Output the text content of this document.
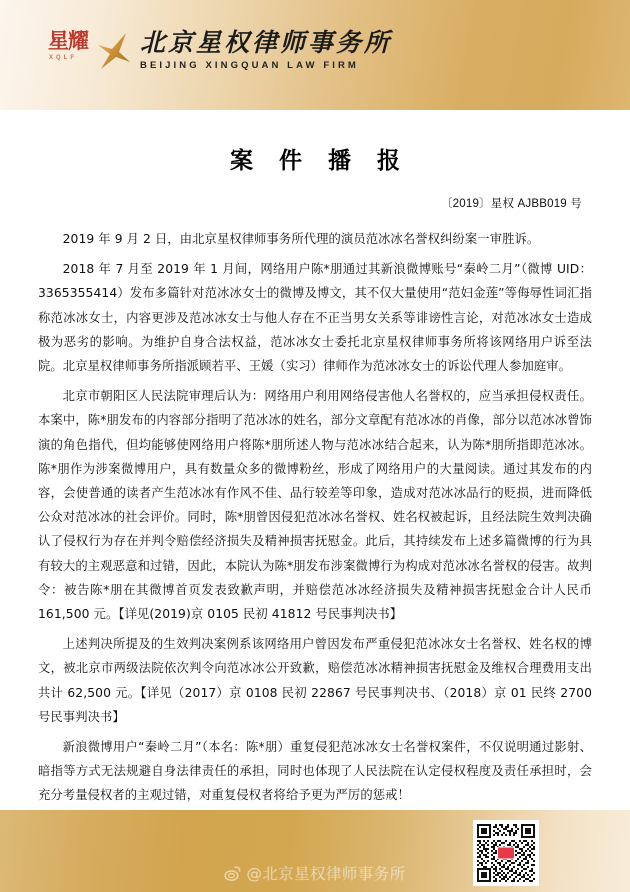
星耀
XQLF
北京星权律师事务所
BEIJING XINGQUAN LAW FIRM
案 件 播 报
〔2019〕星权 AJBB019 号

2019 年 9 月 2 日，由北京星权律师事务所代理的演员范冰冰名誉权纠纷案一审胜诉。

2018 年 7 月至 2019 年 1 月间，网络用户陈*朋通过其新浪微博账号“秦岭二月”（微博 UID：3365355414）发布多篇针对范冰冰女士的微博及博文，其不仅大量使用“范妇金莲”等侮辱性词汇指称范冰冰女士，内容更涉及范冰冰女士与他人存在不正当男女关系等诽谤性言论，对范冰冰女士造成极为恶劣的影响。为维护自身合法权益，范冰冰女士委托北京星权律师事务所将该网络用户诉至法院。北京星权律师事务所指派顾若平、王媛（实习）律师作为范冰冰女士的诉讼代理人参加庭审。

北京市朝阳区人民法院审理后认为：网络用户利用网络侵害他人名誉权的，应当承担侵权责任。本案中，陈*朋发布的内容部分指明了范冰冰的姓名，部分文章配有范冰冰的肖像，部分以范冰冰曾饰演的角色指代，但均能够使网络用户将陈*朋所述人物与范冰冰结合起来，认为陈*朋所指即范冰冰。陈*朋作为涉案微博用户，具有数量众多的微博粉丝，形成了网络用户的大量阅读。通过其发布的内容，会使普通的读者产生范冰冰有作风不佳、品行较差等印象，造成对范冰冰品行的贬损，进而降低公众对范冰冰的社会评价。同时，陈*朋曾因侵犯范冰冰名誉权、姓名权被起诉，且经法院生效判决确认了侵权行为存在并判令赔偿经济损失及精神损害抚慰金。此后，其持续发布上述多篇微博的行为具有较大的主观恶意和过错，因此，本院认为陈*朋发布涉案微博行为构成对范冰冰名誉权的侵害。故判令：被告陈*朋在其微博首页发表致歉声明，并赔偿范冰冰经济损失及精神损害抚慰金合计人民币 161,500 元。【详见(2019)京 0105 民初 41812 号民事判决书】

上述判决所提及的生效判决案例系该网络用户曾因发布严重侵犯范冰冰女士名誉权、姓名权的博文，被北京市两级法院依次判令向范冰冰公开致歉，赔偿范冰冰精神损害抚慰金及维权合理费用支出共计 62,500 元。【详见（2017）京 0108 民初 22867 号民事判决书、（2018）京 01 民终 2700 号民事判决书】

新浪微博用户“秦岭二月”（本名：陈*朋）重复侵犯范冰冰女士名誉权案件，不仅说明通过影射、暗指等方式无法规避自身法律责任的承担，同时也体现了人民法院在认定侵权程度及责任承担时，会充分考量侵权者的主观过错，对重复侵权者将给予更为严厉的惩戒！

@北京星权律师事务所
